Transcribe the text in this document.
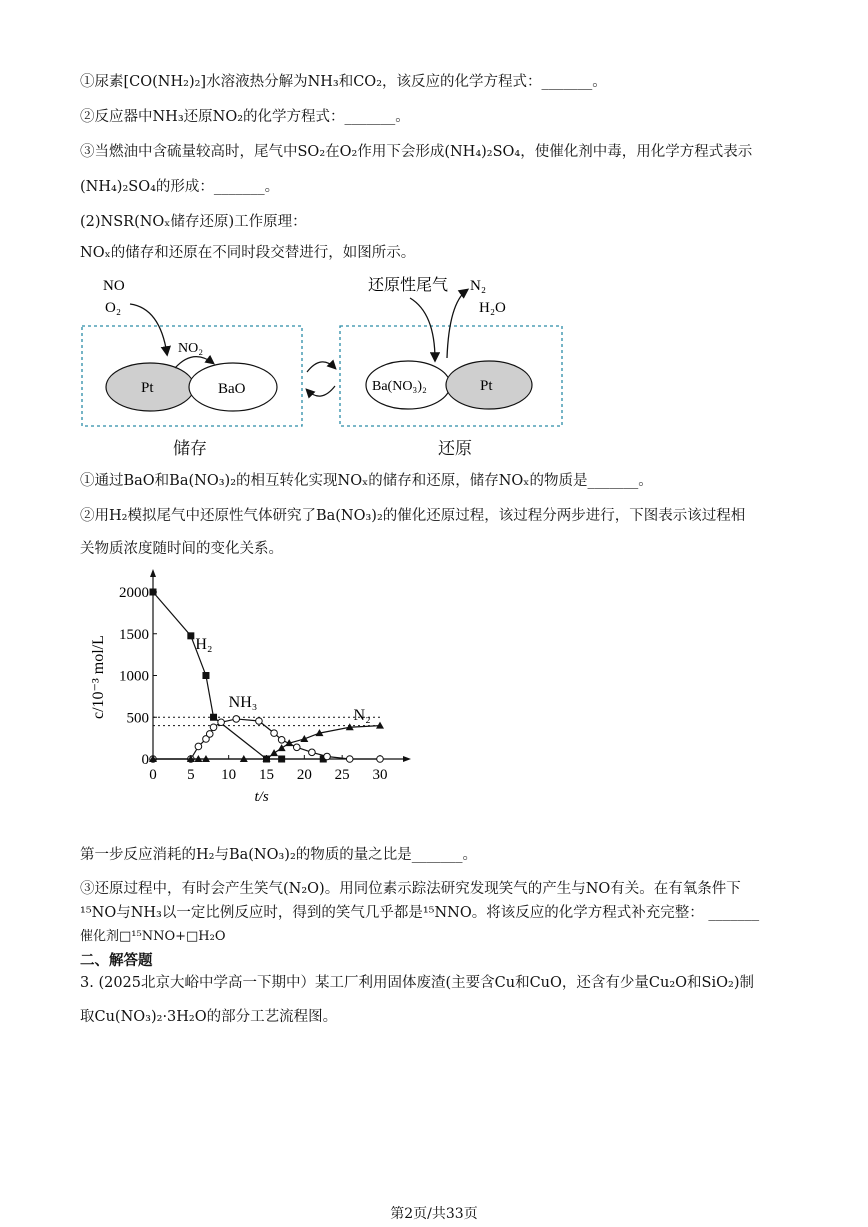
①尿素[CO(NH₂)₂]水溶液热分解为NH₃和CO₂，该反应的化学方程式：_______。
②反应器中NH₃还原NO₂的化学方程式：_______。
③当燃油中含硫量较高时，尾气中SO₂在O₂作用下会形成(NH₄)₂SO₄，使催化剂中毒，用化学方程式表示
(NH₄)₂SO₄的形成：_______。
(2)NSR(NOₓ储存还原)工作原理：
NOₓ的储存和还原在不同时段交替进行，如图所示。
Pt	BaO	Ba(NO₃)₂	Pt
NO
O₂
NO₂
还原性尾气 N₂
H₂O
储存	还原
①通过BaO和Ba(NO₃)₂的相互转化实现NOₓ的储存和还原，储存NOₓ的物质是_______。
②用H₂模拟尾气中还原性气体研究了Ba(NO₃)₂的催化还原过程，该过程分两步进行，下图表示该过程相
关物质浓度随时间的变化关系。
0 5 10 15 20 25 30
0
500
1000
1500
2000
c/10⁻³ mol/L
t/s
H₂
NH₃
N₂
第一步反应消耗的H₂与Ba(NO₃)₂的物质的量之比是_______。
③还原过程中，有时会产生笑气(N₂O)。用同位素示踪法研究发现笑气的产生与NO有关。在有氧条件下
¹⁵NO与NH₃以一定比例反应时，得到的笑气几乎都是¹⁵NNO。将该反应的化学方程式补充完整： _______
催化剂□¹⁵NNO+□H₂O
二、解答题
3. (2025北京大峪中学高一下期中）某工厂利用固体废渣(主要含Cu和CuO，还含有少量Cu₂O和SiO₂)制
取Cu(NO₃)₂·3H₂O的部分工艺流程图。
第2页/共33页
